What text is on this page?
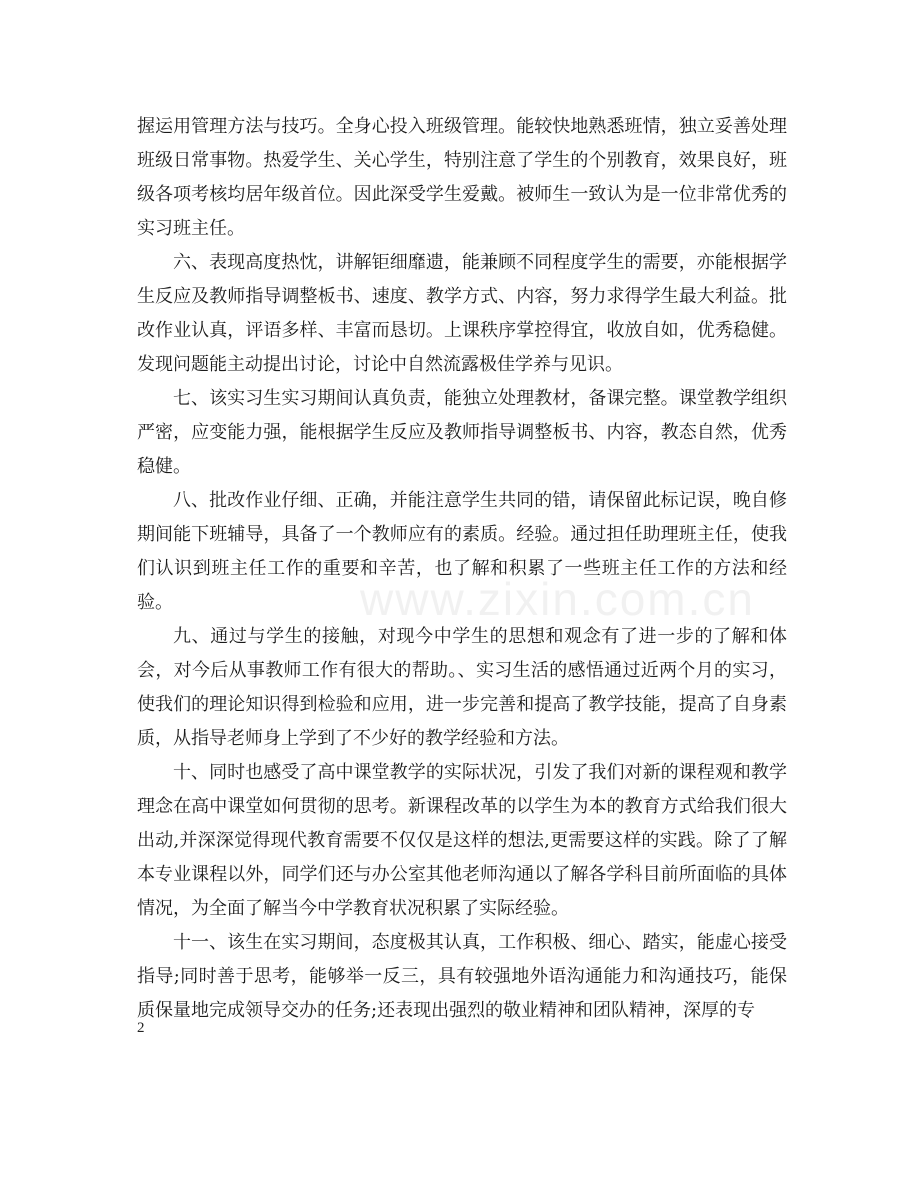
www.zixin.com.cn

握运用管理方法与技巧。全身心投入班级管理。能较快地熟悉班情，独立妥善处理班级日常事物。热爱学生、关心学生，特别注意了学生的个别教育，效果良好，班级各项考核均居年级首位。因此深受学生爱戴。被师生一致认为是一位非常优秀的实习班主任。

六、表现高度热忱，讲解钜细靡遗，能兼顾不同程度学生的需要，亦能根据学生反应及教师指导调整板书、速度、教学方式、内容，努力求得学生最大利益。批改作业认真，评语多样、丰富而恳切。上课秩序掌控得宜，收放自如，优秀稳健。发现问题能主动提出讨论，讨论中自然流露极佳学养与见识。

七、该实习生实习期间认真负责，能独立处理教材，备课完整。课堂教学组织严密，应变能力强，能根据学生反应及教师指导调整板书、内容，教态自然，优秀稳健。

八、批改作业仔细、正确，并能注意学生共同的错，请保留此标记误，晚自修期间能下班辅导，具备了一个教师应有的素质。经验。通过担任助理班主任，使我们认识到班主任工作的重要和辛苦，也了解和积累了一些班主任工作的方法和经验。

九、通过与学生的接触，对现今中学生的思想和观念有了进一步的了解和体会，对今后从事教师工作有很大的帮助。、实习生活的感悟通过近两个月的实习，使我们的理论知识得到检验和应用，进一步完善和提高了教学技能，提高了自身素质，从指导老师身上学到了不少好的教学经验和方法。

十、同时也感受了高中课堂教学的实际状况，引发了我们对新的课程观和教学理念在高中课堂如何贯彻的思考。新课程改革的以学生为本的教育方式给我们很大出动,并深深觉得现代教育需要不仅仅是这样的想法,更需要这样的实践。除了了解本专业课程以外，同学们还与办公室其他老师沟通以了解各学科目前所面临的具体情况，为全面了解当今中学教育状况积累了实际经验。

十一、该生在实习期间，态度极其认真，工作积极、细心、踏实，能虚心接受指导;同时善于思考，能够举一反三，具有较强地外语沟通能力和沟通技巧，能保质保量地完成领导交办的任务;还表现出强烈的敬业精神和团队精神，深厚的专

2
